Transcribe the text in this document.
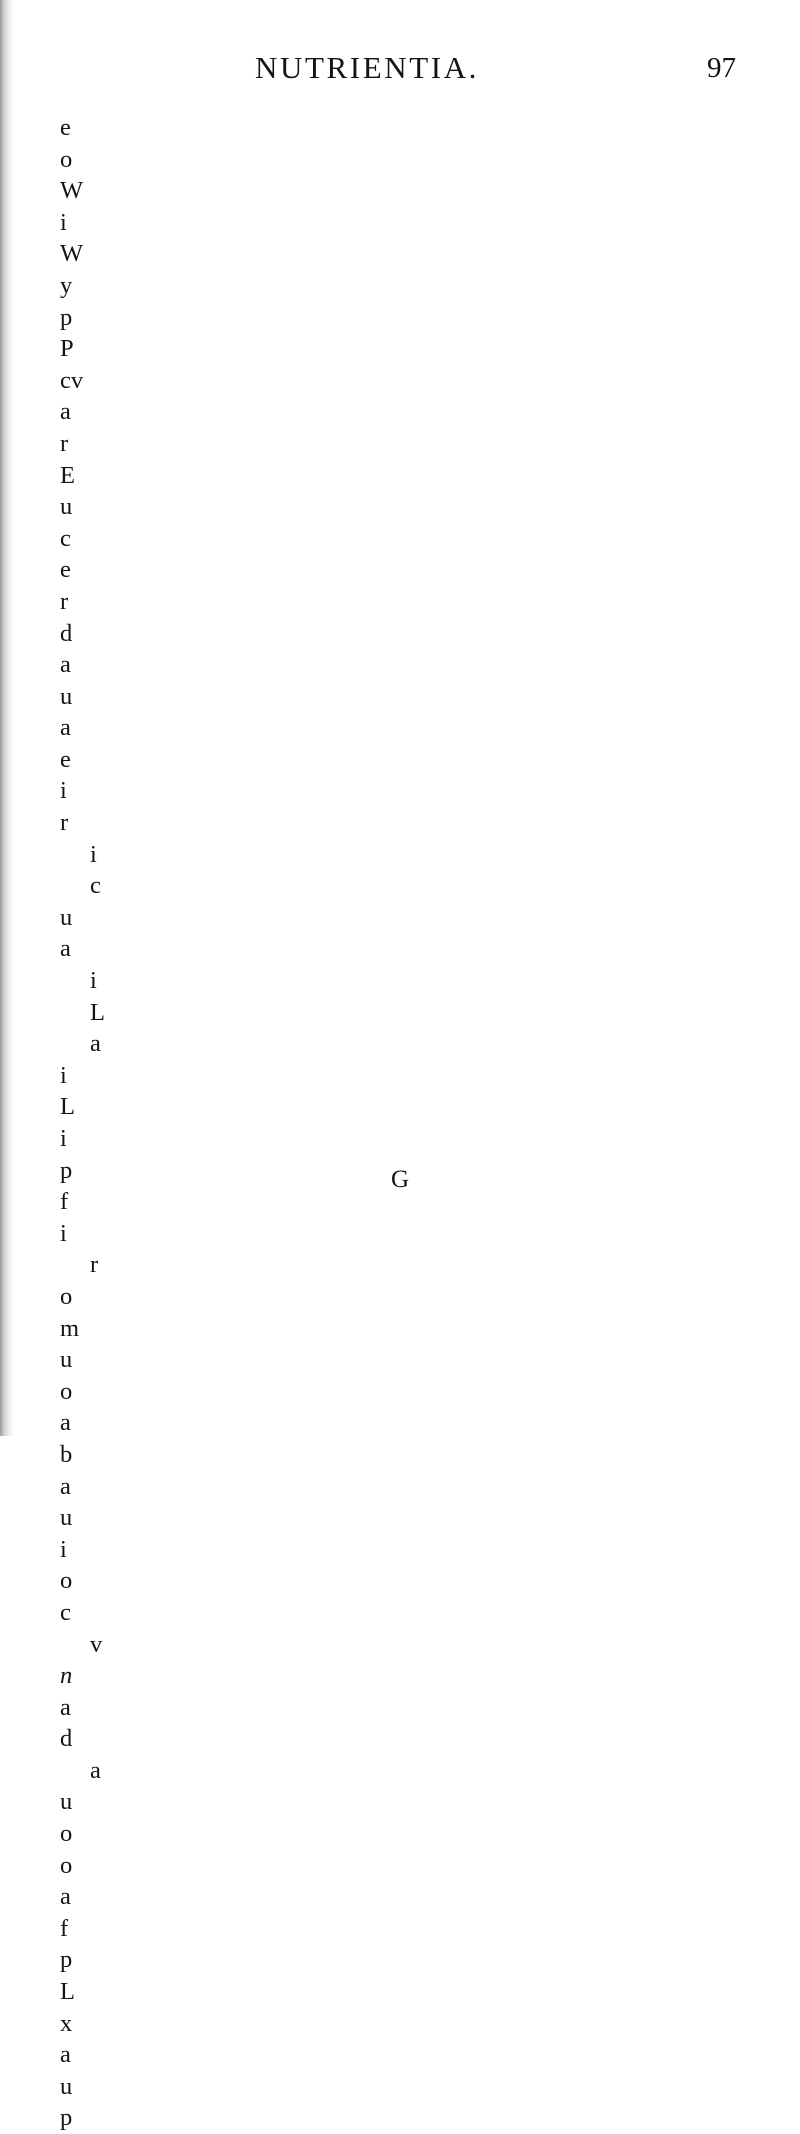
NUTRIENTIA.	97
e
o
W
i
W
y
p
P
cv
a
r
E
u
c
e
r
d
a
u
a
e
i
r
i
c
u
a
i
L
a
i
L
i
p
f
i
r
o
m
u
o
a
b
a
u
i
o
c
v
n
a
d
a
u
o
o
a
f
p
L
x
a
u
p
G
